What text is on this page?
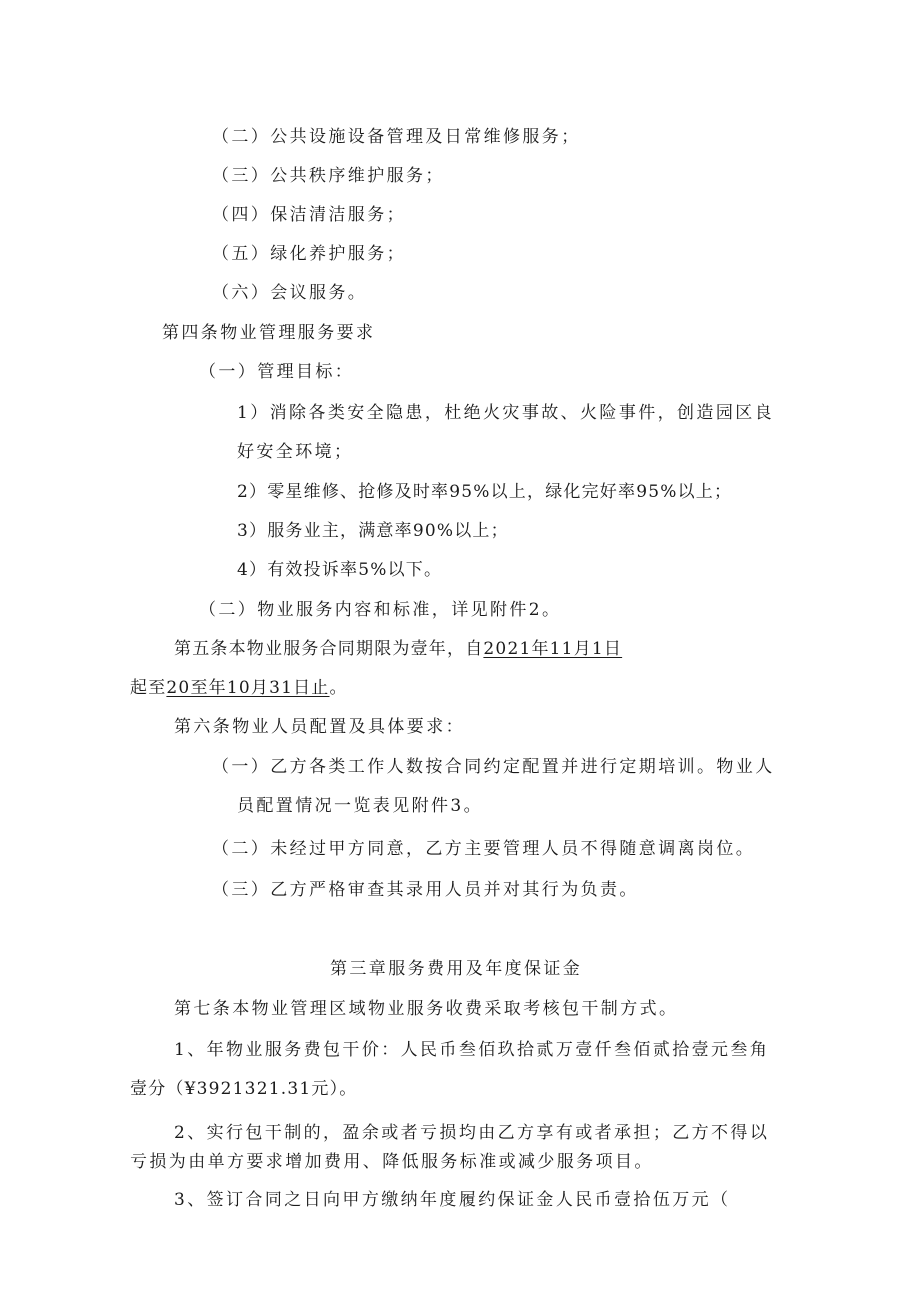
（二）公共设施设备管理及日常维修服务；
（三）公共秩序维护服务；
（四）保洁清洁服务；
（五）绿化养护服务；
（六）会议服务。
第四条物业管理服务要求
（一）管理目标：
1）消除各类安全隐患，杜绝火灾事故、火险事件，创造园区良
好安全环境；
2）零星维修、抢修及时率95%以上，绿化完好率95%以上；
3）服务业主，满意率90%以上；
4）有效投诉率5%以下。
（二）物业服务内容和标准，详见附件2。
第五条本物业服务合同期限为壹年，自2021年11月1日
起至20至年10月31日止。
第六条物业人员配置及具体要求：
（一）乙方各类工作人数按合同约定配置并进行定期培训。物业人
员配置情况一览表见附件3。
（二）未经过甲方同意，乙方主要管理人员不得随意调离岗位。
（三）乙方严格审查其录用人员并对其行为负责。
第三章服务费用及年度保证金
第七条本物业管理区域物业服务收费采取考核包干制方式。
1、年物业服务费包干价：人民币叁佰玖拾贰万壹仟叁佰贰拾壹元叁角
壹分（¥3921321.31元）。
2、实行包干制的，盈余或者亏损均由乙方享有或者承担；乙方不得以
亏损为由单方要求增加费用、降低服务标准或减少服务项目。
3、签订合同之日向甲方缴纳年度履约保证金人民币壹拾伍万元（
